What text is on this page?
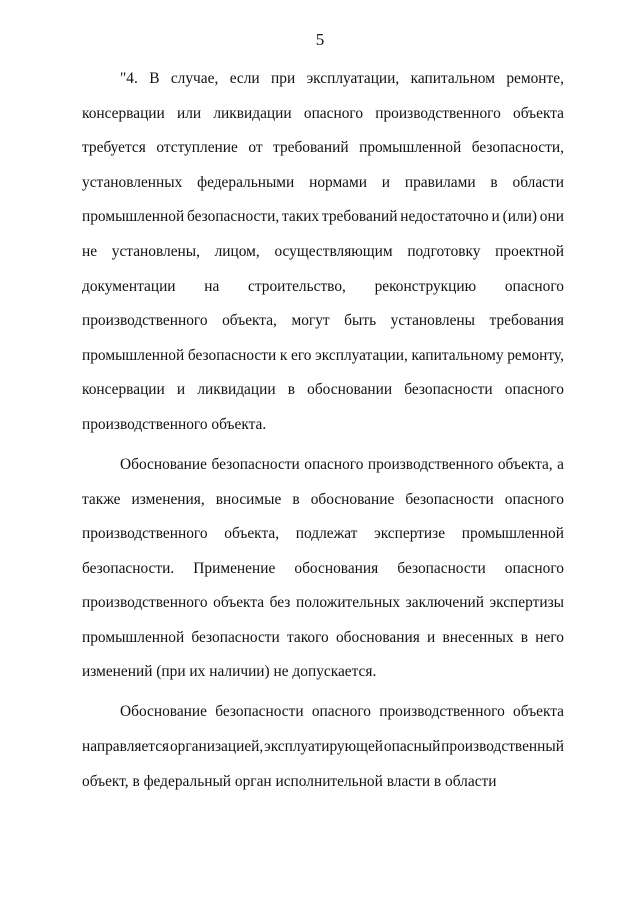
5
"4. В случае, если при эксплуатации, капитальном ремонте,
консервации или ликвидации опасного производственного объекта
требуется отступление от требований промышленной безопасности,
установленных федеральными нормами и правилами в области
промышленной безопасности, таких требований недостаточно и (или) они
не установлены, лицом, осуществляющим подготовку проектной
документации на строительство, реконструкцию опасного
производственного объекта, могут быть установлены требования
промышленной безопасности к его эксплуатации, капитальному ремонту,
консервации и ликвидации в обосновании безопасности опасного
производственного объекта.
Обоснование безопасности опасного производственного объекта, а
также изменения, вносимые в обоснование безопасности опасного
производственного объекта, подлежат экспертизе промышленной
безопасности. Применение обоснования безопасности опасного
производственного объекта без положительных заключений экспертизы
промышленной безопасности такого обоснования и внесенных в него
изменений (при их наличии) не допускается.
Обоснование безопасности опасного производственного объекта
направляется организацией, эксплуатирующей опасный производственный
объект, в федеральный орган исполнительной власти в области
